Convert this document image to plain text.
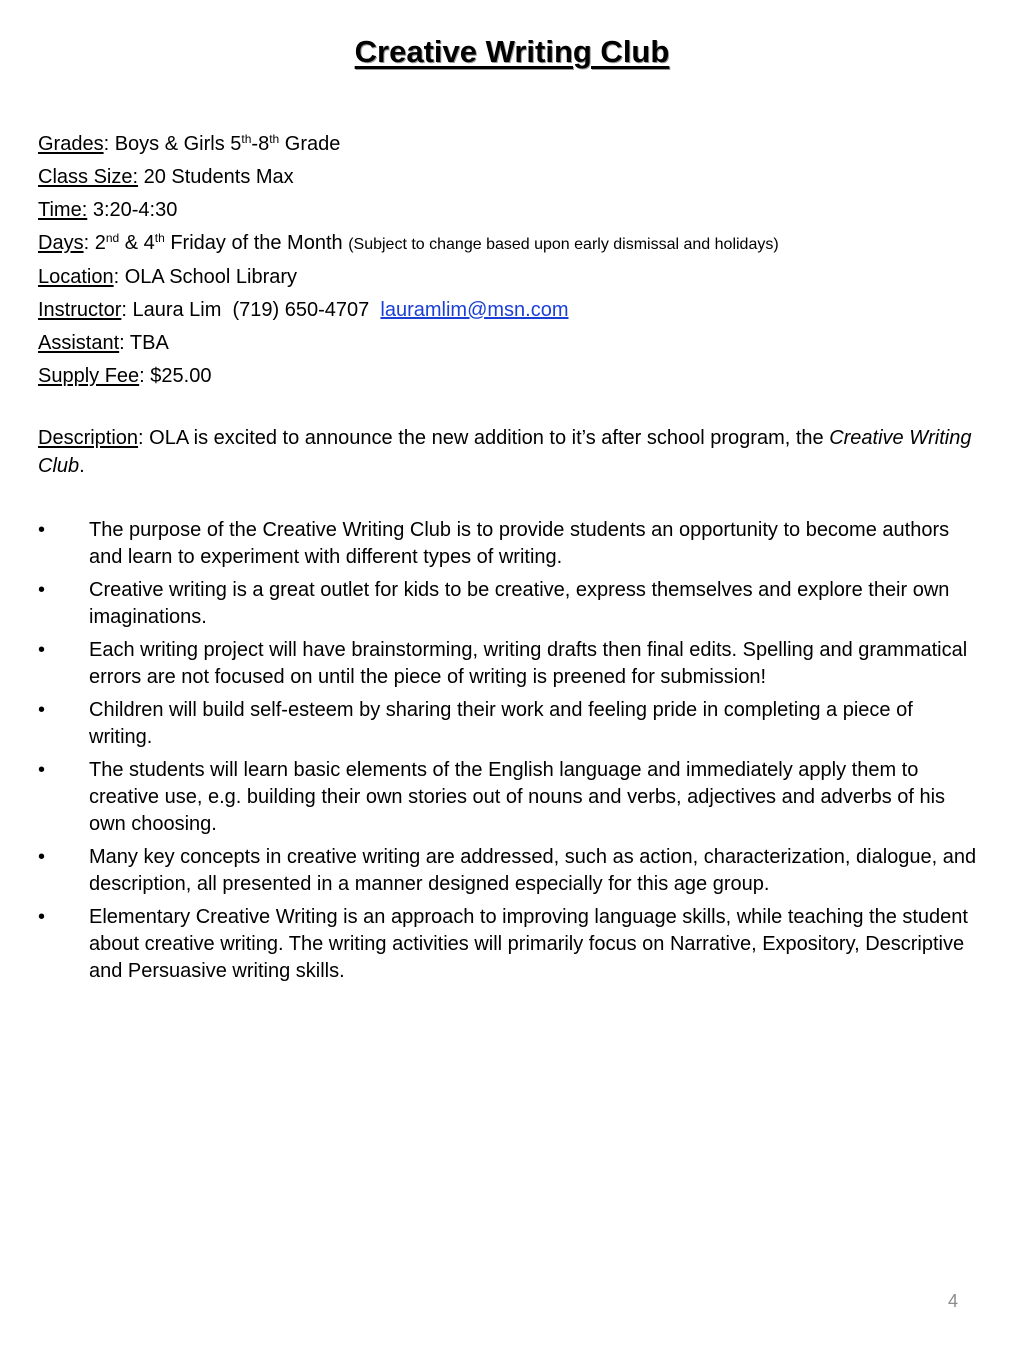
Creative Writing Club
Grades: Boys & Girls 5th-8th Grade
Class Size: 20 Students Max
Time: 3:20-4:30
Days: 2nd & 4th Friday of the Month (Subject to change based upon early dismissal and holidays)
Location: OLA School Library
Instructor: Laura Lim  (719) 650-4707  lauramlim@msn.com
Assistant: TBA
Supply Fee: $25.00
Description: OLA is excited to announce the new addition to it’s after school program, the Creative Writing Club.
• The purpose of the Creative Writing Club is to provide students an opportunity to become authors and learn to experiment with different types of writing.
• Creative writing is a great outlet for kids to be creative, express themselves and explore their own imaginations.
• Each writing project will have brainstorming, writing drafts then final edits. Spelling and grammatical errors are not focused on until the piece of writing is preened for submission!
• Children will build self-esteem by sharing their work and feeling pride in completing a piece of writing.
• The students will learn basic elements of the English language and immediately apply them to creative use, e.g. building their own stories out of nouns and verbs, adjectives and adverbs of his own choosing.
• Many key concepts in creative writing are addressed, such as action, characterization, dialogue, and description, all presented in a manner designed especially for this age group.
• Elementary Creative Writing is an approach to improving language skills, while teaching the student about creative writing. The writing activities will primarily focus on Narrative, Expository, Descriptive and Persuasive writing skills.
4
